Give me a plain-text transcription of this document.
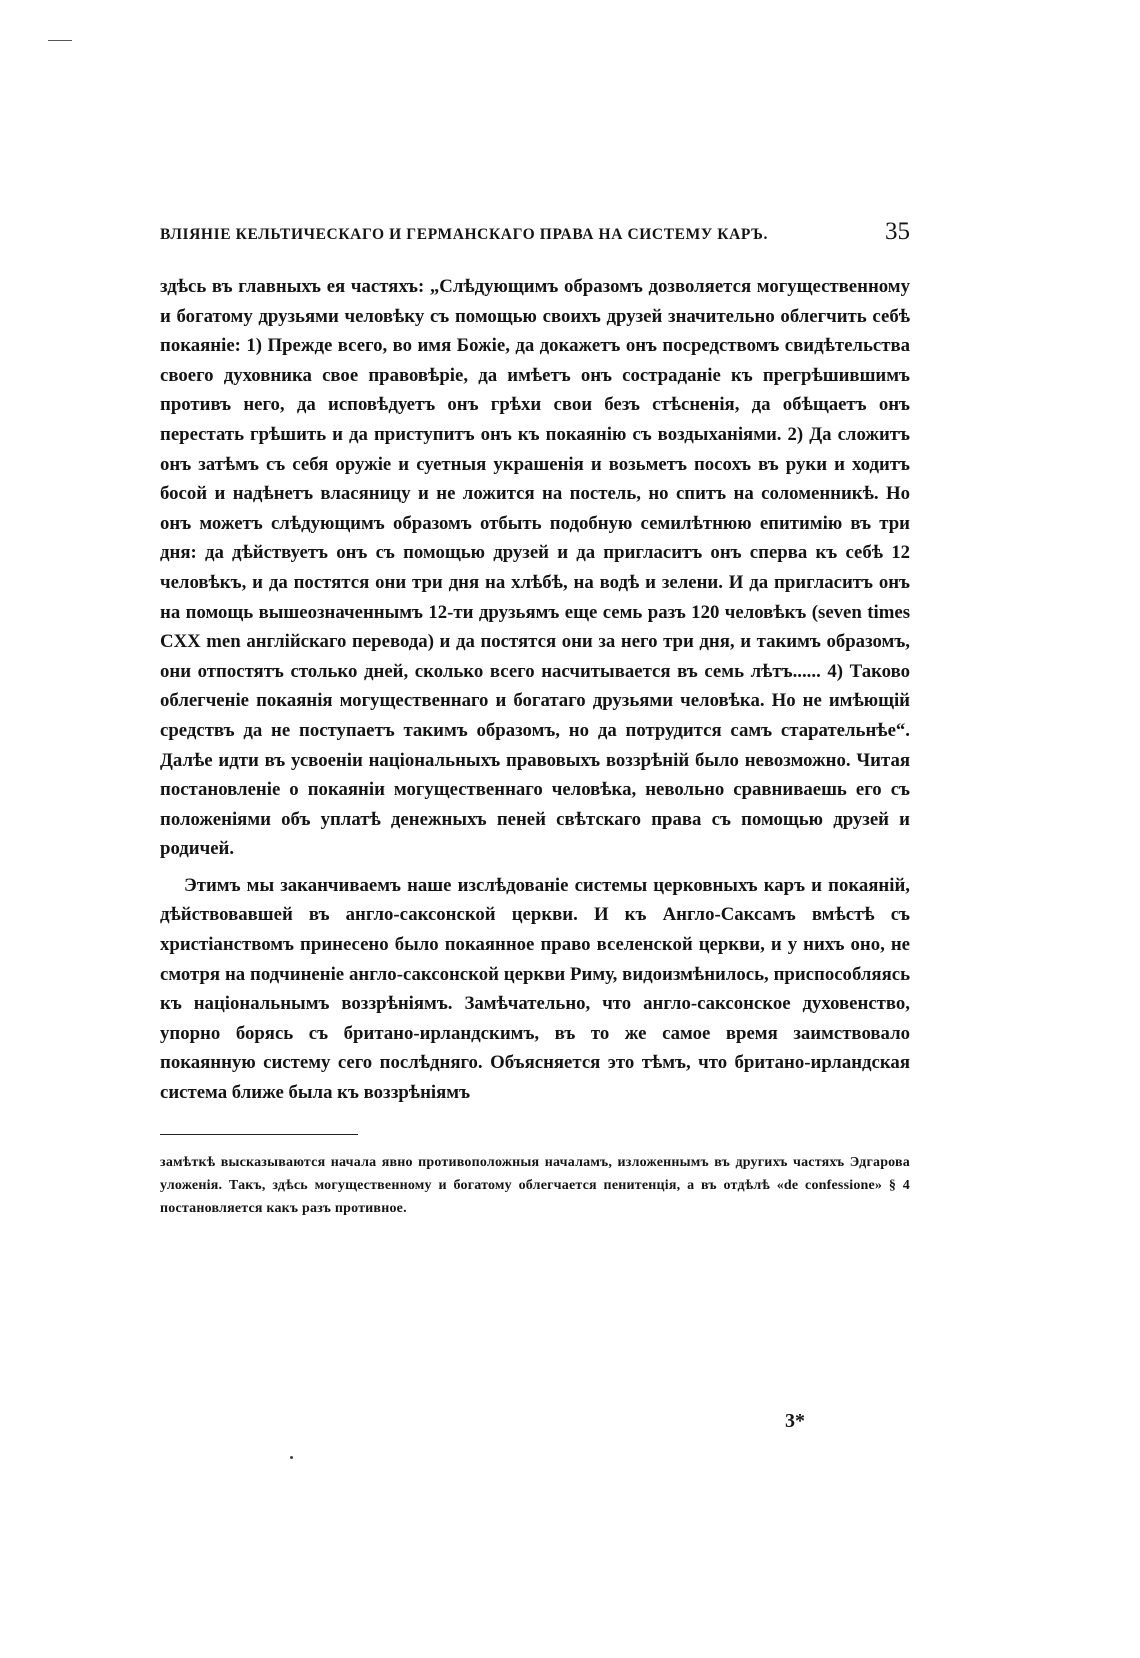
ВЛІЯНІЕ КЕЛЬТИЧЕСКАГО И ГЕРМАНСКАГО ПРАВА НА СИСТЕМУ КАРЪ.	35

здѣсь въ главныхъ ея частяхъ: „Слѣдующимъ образомъ дозволяется могущественному и богатому друзьями человѣку съ помощью своихъ друзей значительно облегчить себѣ покаяніе: 1) Прежде всего, во имя Божіе, да докажетъ онъ посредствомъ свидѣтельства своего духовника свое правовѣріе, да имѣетъ онъ состраданіе къ прегрѣшившимъ противъ него, да исповѣдуетъ онъ грѣхи свои безъ стѣсненія, да обѣщаетъ онъ перестать грѣшить и да приступитъ онъ къ покаянію съ воздыханіями. 2) Да сложитъ онъ затѣмъ съ себя оружіе и суетныя украшенія и возьметъ посохъ въ руки и ходитъ босой и надѣнетъ власяницу и не ложится на постель, но спитъ на соломенникѣ. Но онъ можетъ слѣдующимъ образомъ отбыть подобную семилѣтнюю епитимію въ три дня: да дѣйствуетъ онъ съ помощью друзей и да пригласитъ онъ сперва къ себѣ 12 человѣкъ, и да постятся они три дня на хлѣбѣ, на водѣ и зелени. И да пригласитъ онъ на помощь вышеозначеннымъ 12-ти друзьямъ еще семь разъ 120 человѣкъ (seven times CXX men англійскаго перевода) и да постятся они за него три дня, и такимъ образомъ, они отпостятъ столько дней, сколько всего насчитывается въ семь лѣтъ...... 4) Таково облегченіе покаянія могущественнаго и богатаго друзьями человѣка. Но не имѣющій средствъ да не поступаетъ такимъ образомъ, но да потрудится самъ старательнѣе“. Далѣе идти въ усвоеніи національныхъ правовыхъ воззрѣній было невозможно. Читая постановленіе о покаяніи могущественнаго человѣка, невольно сравниваешь его съ положеніями объ уплатѣ денежныхъ пеней свѣтскаго права съ помощью друзей и родичей.

Этимъ мы заканчиваемъ наше изслѣдованіе системы церковныхъ каръ и покаяній, дѣйствовавшей въ англо-саксонской церкви. И къ Англо-Саксамъ вмѣстѣ съ христіанствомъ принесено было покаянное право вселенской церкви, и у нихъ оно, не смотря на подчиненіе англо-саксонской церкви Риму, видоизмѣнилось, приспособляясь къ національнымъ воззрѣніямъ. Замѣчательно, что англо-саксонское духовенство, упорно борясь съ британо-ирландскимъ, въ то же самое время заимствовало покаянную систему сего послѣдняго. Объясняется это тѣмъ, что британо-ирландская система ближе была къ воззрѣніямъ

замѣткѣ высказываются начала явно противоположныя началамъ, изложеннымъ въ другихъ частяхъ Эдгарова уложенія. Такъ, здѣсь могущественному и богатому облегчается пенитенція, а въ отдѣлѣ «de confessione» § 4 постановляется какъ разъ противное.
3*
